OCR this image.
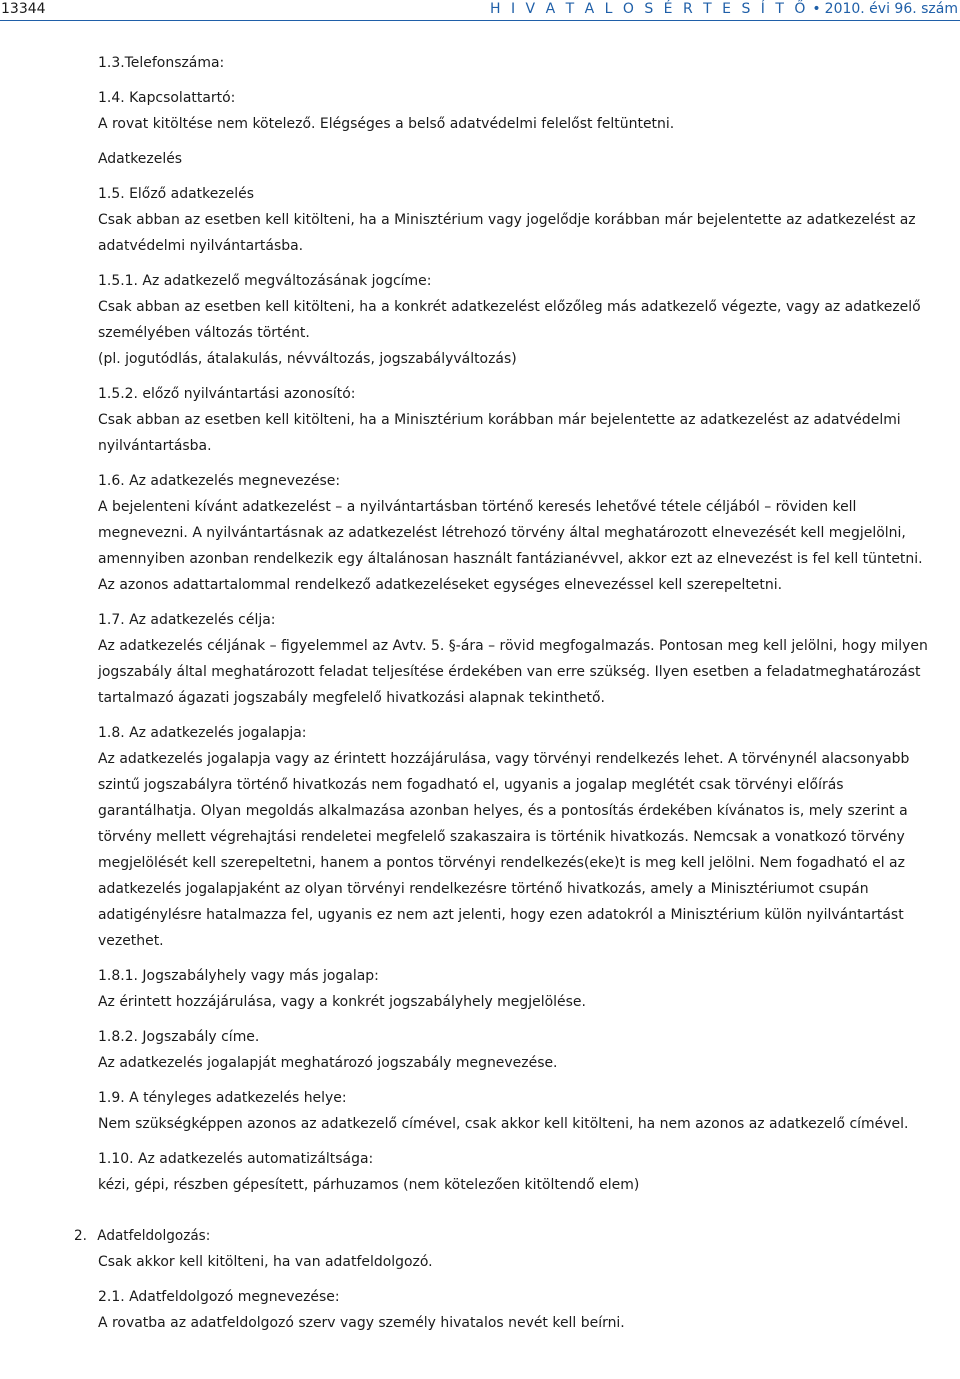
13344	H I V A T A L O S É R T E S Í T Ő • 2010. évi 96. szám
1.3.Telefonszáma:
1.4. Kapcsolattartó:
A rovat kitöltése nem kötelező. Elégséges a belső adatvédelmi felelőst feltüntetni.
Adatkezelés
1.5. Előző adatkezelés
Csak abban az esetben kell kitölteni, ha a Minisztérium vagy jogelődje korábban már bejelentette az adatkezelést az
adatvédelmi nyilvántartásba.
1.5.1. Az adatkezelő megváltozásának jogcíme:
Csak abban az esetben kell kitölteni, ha a konkrét adatkezelést előzőleg más adatkezelő végezte, vagy az adatkezelő
személyében változás történt.
(pl. jogutódlás, átalakulás, névváltozás, jogszabályváltozás)
1.5.2. előző nyilvántartási azonosító:
Csak abban az esetben kell kitölteni, ha a Minisztérium korábban már bejelentette az adatkezelést az adatvédelmi
nyilvántartásba.
1.6. Az adatkezelés megnevezése:
A bejelenteni kívánt adatkezelést – a nyilvántartásban történő keresés lehetővé tétele céljából – röviden kell
megnevezni. A nyilvántartásnak az adatkezelést létrehozó törvény által meghatározott elnevezését kell megjelölni,
amennyiben azonban rendelkezik egy általánosan használt fantázianévvel, akkor ezt az elnevezést is fel kell tüntetni.
Az azonos adattartalommal rendelkező adatkezeléseket egységes elnevezéssel kell szerepeltetni.
1.7. Az adatkezelés célja:
Az adatkezelés céljának – figyelemmel az Avtv. 5. §-ára – rövid megfogalmazás. Pontosan meg kell jelölni, hogy milyen
jogszabály által meghatározott feladat teljesítése érdekében van erre szükség. Ilyen esetben a feladatmeghatározást
tartalmazó ágazati jogszabály megfelelő hivatkozási alapnak tekinthető.
1.8. Az adatkezelés jogalapja:
Az adatkezelés jogalapja vagy az érintett hozzájárulása, vagy törvényi rendelkezés lehet. A törvénynél alacsonyabb
szintű jogszabályra történő hivatkozás nem fogadható el, ugyanis a jogalap meglétét csak törvényi előírás
garantálhatja. Olyan megoldás alkalmazása azonban helyes, és a pontosítás érdekében kívánatos is, mely szerint a
törvény mellett végrehajtási rendeletei megfelelő szakaszaira is történik hivatkozás. Nemcsak a vonatkozó törvény
megjelölését kell szerepeltetni, hanem a pontos törvényi rendelkezés(eke)t is meg kell jelölni. Nem fogadható el az
adatkezelés jogalapjaként az olyan törvényi rendelkezésre történő hivatkozás, amely a Minisztériumot csupán
adatigénylésre hatalmazza fel, ugyanis ez nem azt jelenti, hogy ezen adatokról a Minisztérium külön nyilvántartást
vezethet.
1.8.1. Jogszabályhely vagy más jogalap:
Az érintett hozzájárulása, vagy a konkrét jogszabályhely megjelölése.
1.8.2. Jogszabály címe.
Az adatkezelés jogalapját meghatározó jogszabály megnevezése.
1.9. A tényleges adatkezelés helye:
Nem szükségképpen azonos az adatkezelő címével, csak akkor kell kitölteni, ha nem azonos az adatkezelő címével.
1.10. Az adatkezelés automatizáltsága:
kézi, gépi, részben gépesített, párhuzamos (nem kötelezően kitöltendő elem)
2. Adatfeldolgozás:
Csak akkor kell kitölteni, ha van adatfeldolgozó.
2.1. Adatfeldolgozó megnevezése:
A rovatba az adatfeldolgozó szerv vagy személy hivatalos nevét kell beírni.
